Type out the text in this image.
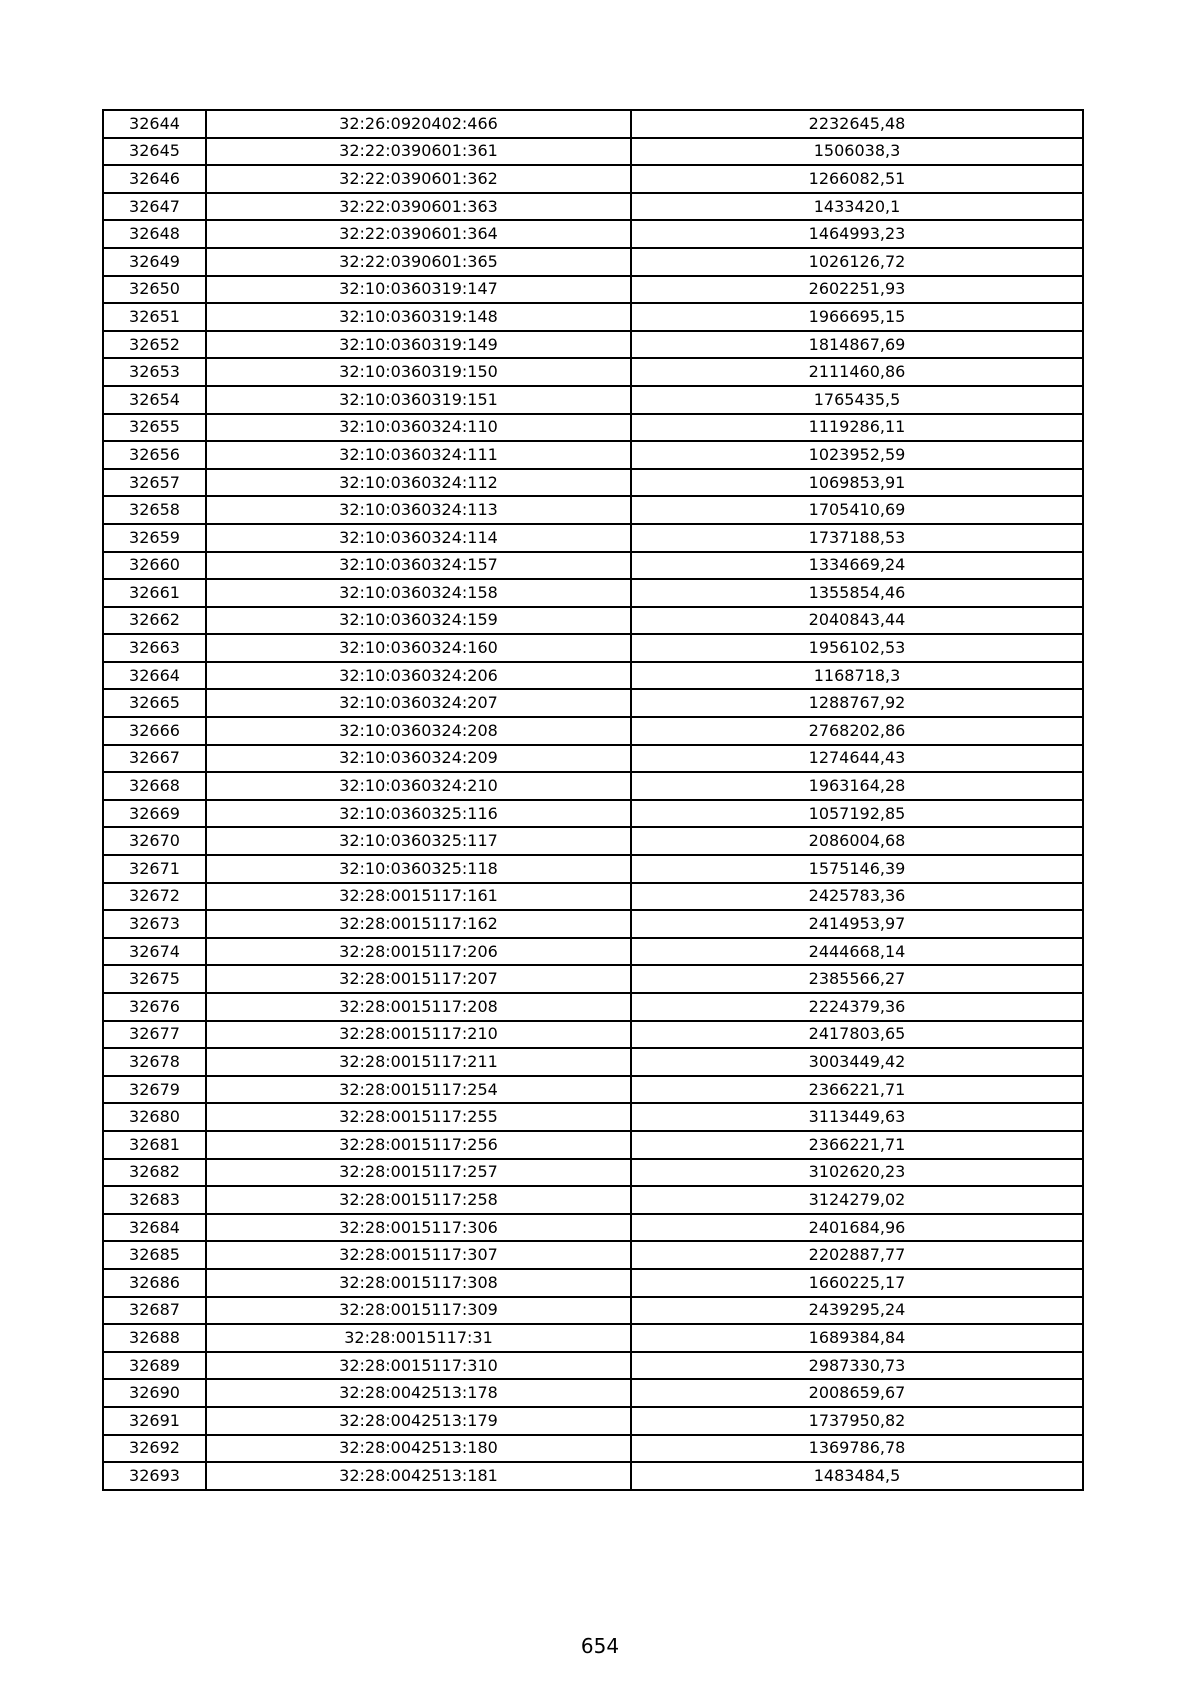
32644	32:26:0920402:466	2232645,48
32645	32:22:0390601:361	1506038,3
32646	32:22:0390601:362	1266082,51
32647	32:22:0390601:363	1433420,1
32648	32:22:0390601:364	1464993,23
32649	32:22:0390601:365	1026126,72
32650	32:10:0360319:147	2602251,93
32651	32:10:0360319:148	1966695,15
32652	32:10:0360319:149	1814867,69
32653	32:10:0360319:150	2111460,86
32654	32:10:0360319:151	1765435,5
32655	32:10:0360324:110	1119286,11
32656	32:10:0360324:111	1023952,59
32657	32:10:0360324:112	1069853,91
32658	32:10:0360324:113	1705410,69
32659	32:10:0360324:114	1737188,53
32660	32:10:0360324:157	1334669,24
32661	32:10:0360324:158	1355854,46
32662	32:10:0360324:159	2040843,44
32663	32:10:0360324:160	1956102,53
32664	32:10:0360324:206	1168718,3
32665	32:10:0360324:207	1288767,92
32666	32:10:0360324:208	2768202,86
32667	32:10:0360324:209	1274644,43
32668	32:10:0360324:210	1963164,28
32669	32:10:0360325:116	1057192,85
32670	32:10:0360325:117	2086004,68
32671	32:10:0360325:118	1575146,39
32672	32:28:0015117:161	2425783,36
32673	32:28:0015117:162	2414953,97
32674	32:28:0015117:206	2444668,14
32675	32:28:0015117:207	2385566,27
32676	32:28:0015117:208	2224379,36
32677	32:28:0015117:210	2417803,65
32678	32:28:0015117:211	3003449,42
32679	32:28:0015117:254	2366221,71
32680	32:28:0015117:255	3113449,63
32681	32:28:0015117:256	2366221,71
32682	32:28:0015117:257	3102620,23
32683	32:28:0015117:258	3124279,02
32684	32:28:0015117:306	2401684,96
32685	32:28:0015117:307	2202887,77
32686	32:28:0015117:308	1660225,17
32687	32:28:0015117:309	2439295,24
32688	32:28:0015117:31	1689384,84
32689	32:28:0015117:310	2987330,73
32690	32:28:0042513:178	2008659,67
32691	32:28:0042513:179	1737950,82
32692	32:28:0042513:180	1369786,78
32693	32:28:0042513:181	1483484,5
654
